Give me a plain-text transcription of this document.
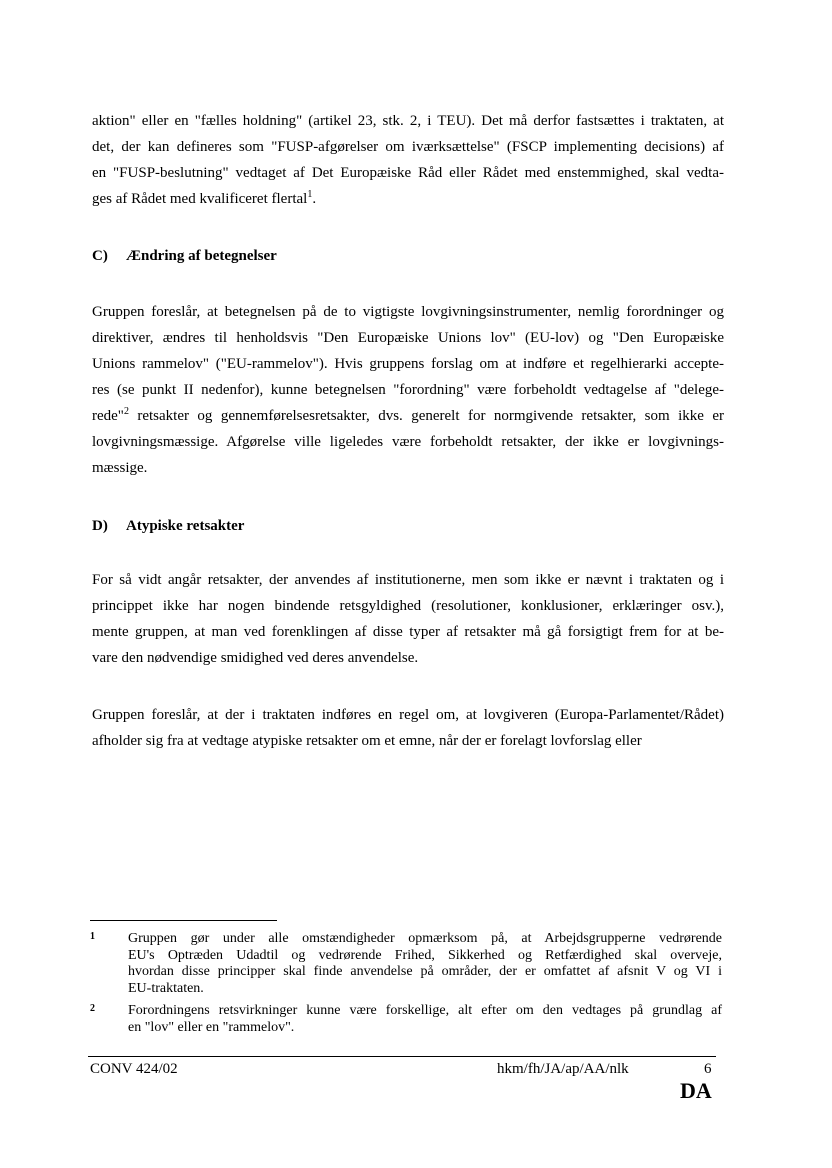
aktion" eller en "fælles holdning" (artikel 23, stk. 2, i TEU). Det må derfor fastsættes i traktaten, at
det, der kan defineres som "FUSP-afgørelser om iværksættelse" (FSCP implementing decisions) af
en "FUSP-beslutning" vedtaget af Det Europæiske Råd eller Rådet med enstemmighed, skal vedta-
ges af Rådet med kvalificeret flertal$^1$.
C) Ændring af betegnelser
Gruppen foreslår, at betegnelsen på de to vigtigste lovgivningsinstrumenter, nemlig forordninger og
direktiver, ændres til henholdsvis "Den Europæiske Unions lov" (EU-lov) og "Den Europæiske
Unions rammelov" ("EU-rammelov"). Hvis gruppens forslag om at indføre et regelhierarki accepte-
res (se punkt II nedenfor), kunne betegnelsen "forordning" være forbeholdt vedtagelse af "delege-
rede"$^2$ retsakter og gennemførelsesretsakter, dvs. generelt for normgivende retsakter, som ikke er
lovgivningsmæssige. Afgørelse ville ligeledes være forbeholdt retsakter, der ikke er lovgivnings-
mæssige.
D) Atypiske retsakter
For så vidt angår retsakter, der anvendes af institutionerne, men som ikke er nævnt i traktaten og i
princippet ikke har nogen bindende retsgyldighed (resolutioner, konklusioner, erklæringer osv.),
mente gruppen, at man ved forenklingen af disse typer af retsakter må gå forsigtigt frem for at be-
vare den nødvendige smidighed ved deres anvendelse.
Gruppen foreslår, at der i traktaten indføres en regel om, at lovgiveren (Europa-Parlamentet/Rådet)
afholder sig fra at vedtage atypiske retsakter om et emne, når der er forelagt lovforslag eller
1 Gruppen gør under alle omstændigheder opmærksom på, at Arbejdsgrupperne vedrørende
EU's Optræden Udadtil og vedrørende Frihed, Sikkerhed og Retfærdighed skal overveje,
hvordan disse principper skal finde anvendelse på områder, der er omfattet af afsnit V og VI i
EU-traktaten.
2 Forordningens retsvirkninger kunne være forskellige, alt efter om den vedtages på grundlag af
en "lov" eller en "rammelov".
CONV 424/02	hkm/fh/JA/ap/AA/nlk	6
DA
